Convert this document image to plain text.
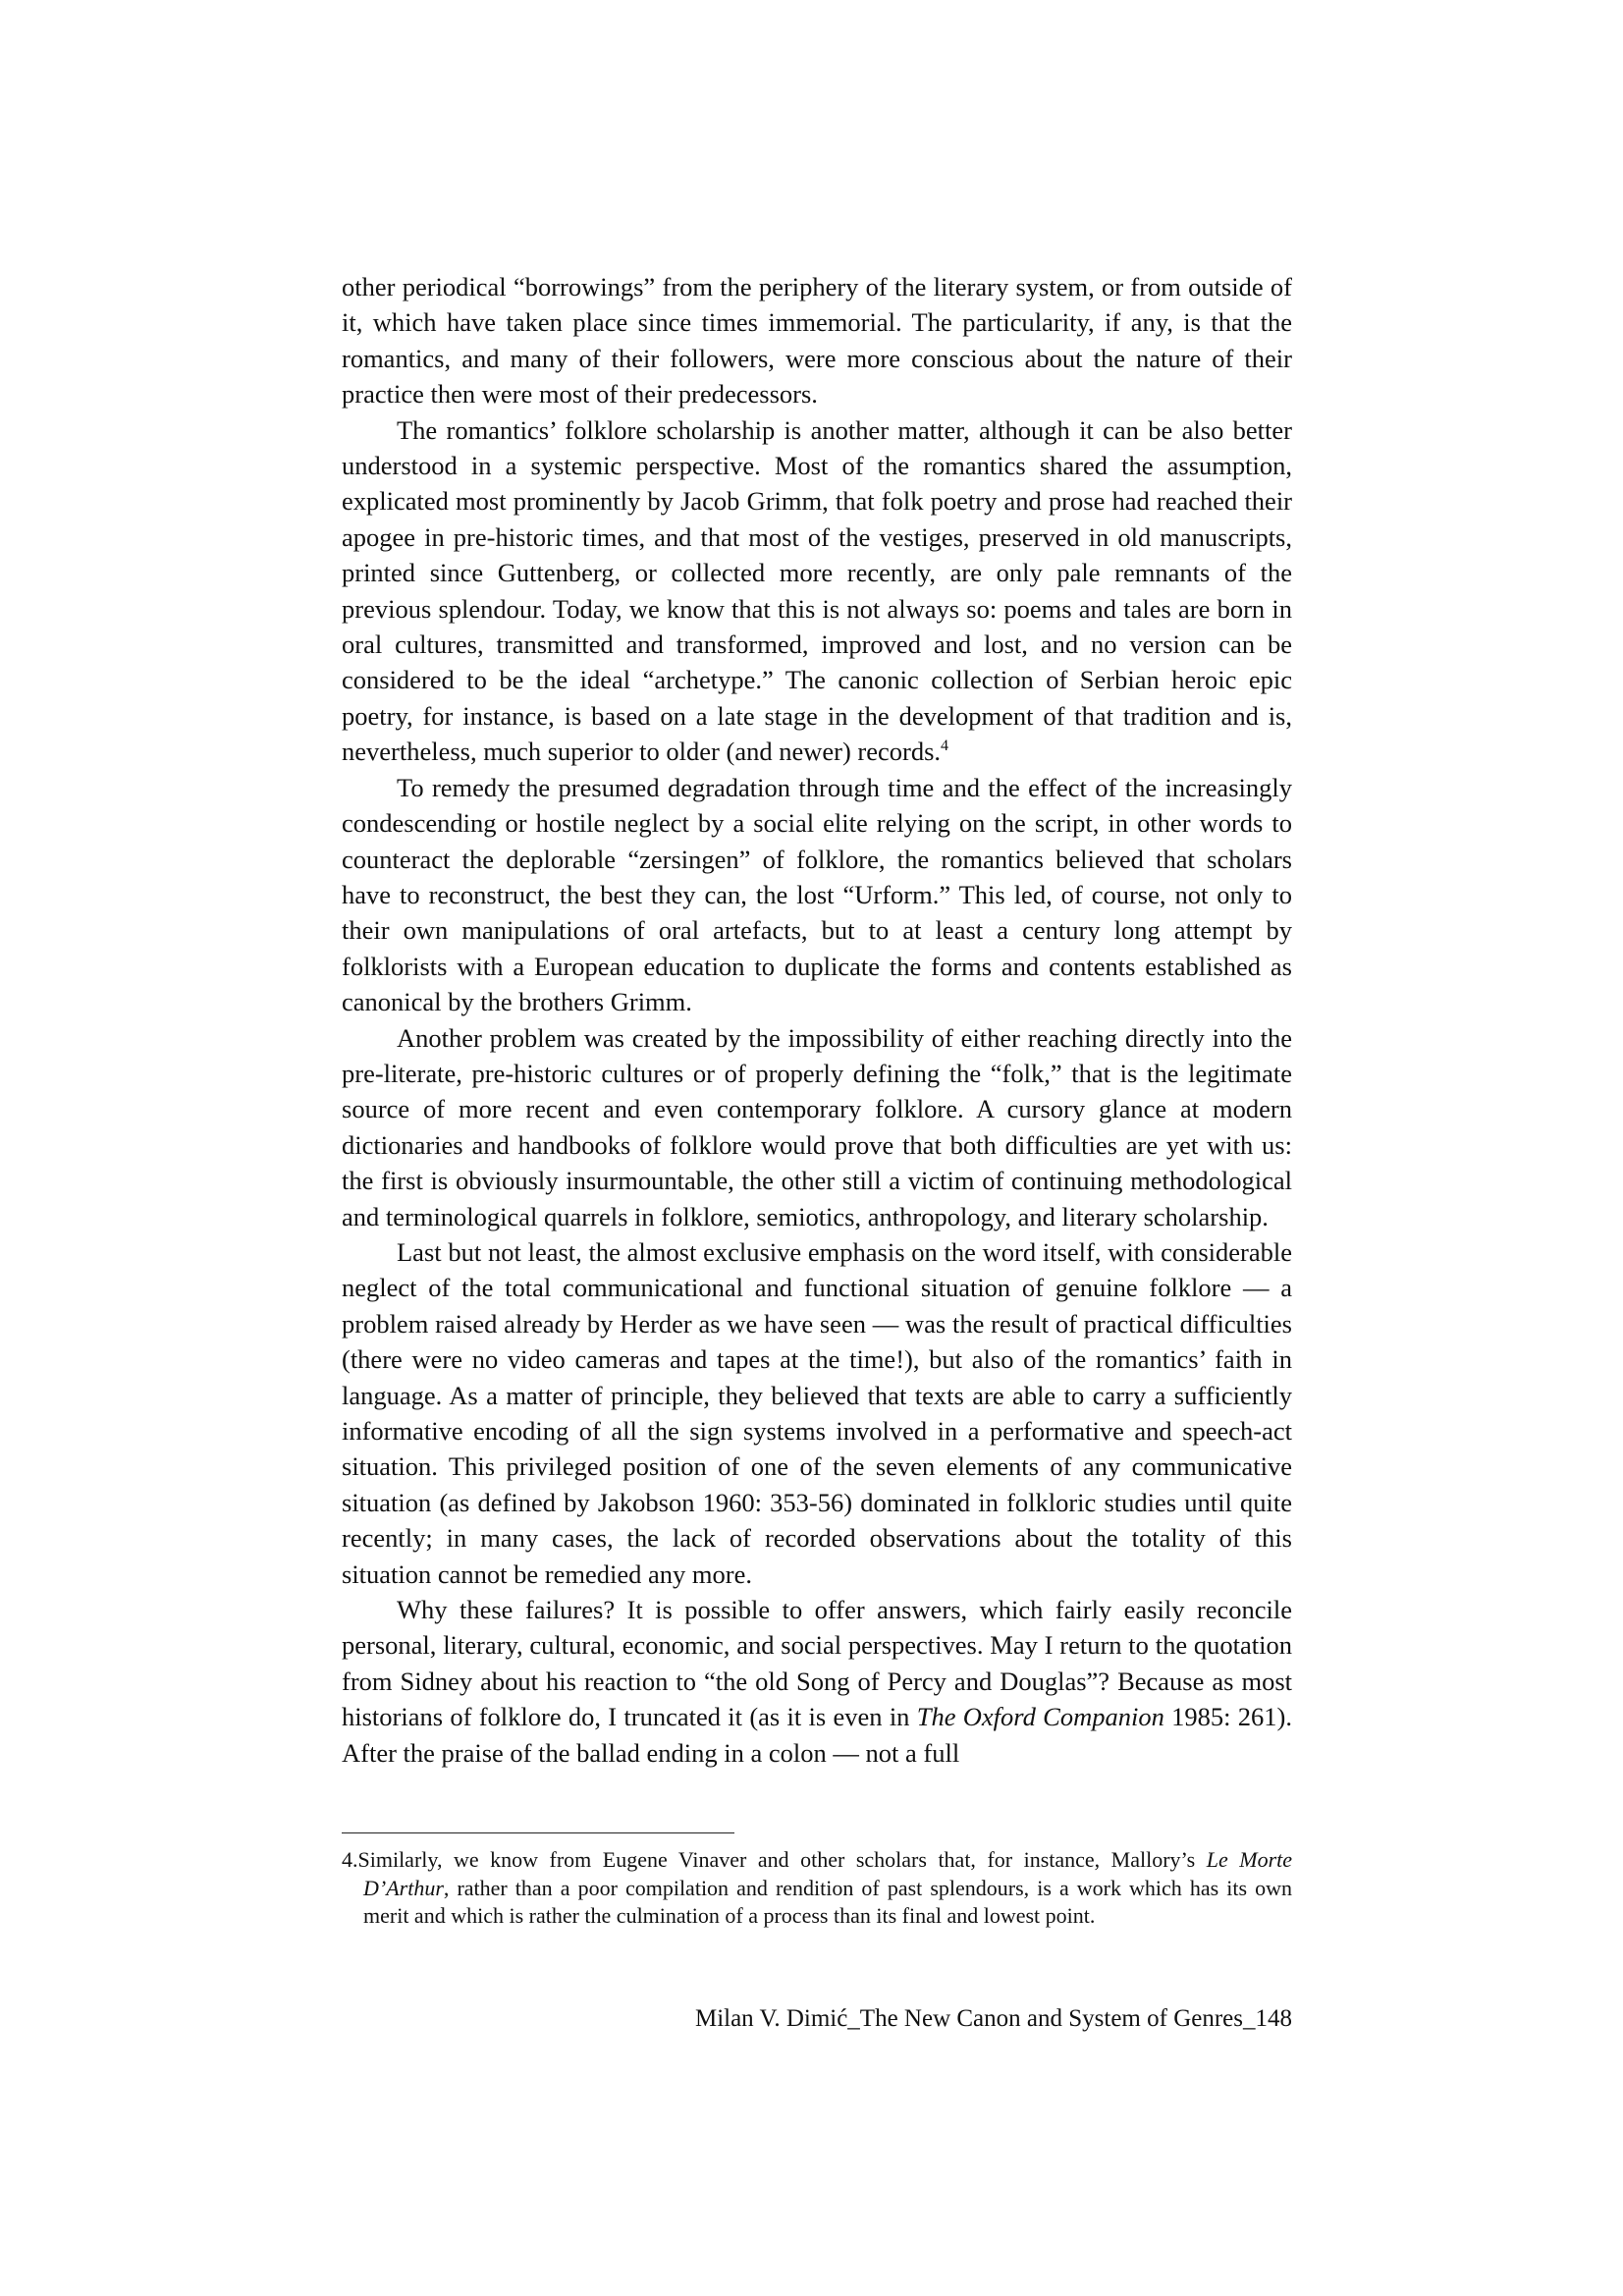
other periodical “borrowings” from the periphery of the literary system, or from outside of it, which have taken place since times immemorial. The particularity, if any, is that the romantics, and many of their followers, were more conscious about the nature of their practice then were most of their predecessors.

The romantics’ folklore scholarship is another matter, although it can be also better understood in a systemic perspective. Most of the romantics shared the assumption, explicated most prominently by Jacob Grimm, that folk poetry and prose had reached their apogee in pre-historic times, and that most of the vestiges, preserved in old manuscripts, printed since Guttenberg, or collected more recently, are only pale remnants of the previous splendour. Today, we know that this is not always so: poems and tales are born in oral cultures, transmitted and transformed, improved and lost, and no version can be considered to be the ideal “archetype.” The canonic collection of Serbian heroic epic poetry, for instance, is based on a late stage in the development of that tradition and is, nevertheless, much superior to older (and newer) records.$^4$

To remedy the presumed degradation through time and the effect of the increasingly condescending or hostile neglect by a social elite relying on the script, in other words to counteract the deplorable “zersingen” of folklore, the romantics believed that scholars have to reconstruct, the best they can, the lost “Urform.” This led, of course, not only to their own manipulations of oral artefacts, but to at least a century long attempt by folklorists with a European education to duplicate the forms and contents established as canonical by the brothers Grimm.

Another problem was created by the impossibility of either reaching directly into the pre-literate, pre-historic cultures or of properly defining the “folk,” that is the legitimate source of more recent and even contemporary folklore. A cursory glance at modern dictionaries and handbooks of folklore would prove that both difficulties are yet with us: the first is obviously insurmountable, the other still a victim of continuing methodological and terminological quarrels in folklore, semiotics, anthropology, and literary scholarship.

Last but not least, the almost exclusive emphasis on the word itself, with considerable neglect of the total communicational and functional situation of genuine folklore — a problem raised already by Herder as we have seen — was the result of practical difficulties (there were no video cameras and tapes at the time!), but also of the romantics’ faith in language. As a matter of principle, they believed that texts are able to carry a sufficiently informative encoding of all the sign systems involved in a performative and speech-act situation. This privileged position of one of the seven elements of any communicative situation (as defined by Jakobson 1960: 353-56) dominated in folkloric studies until quite recently; in many cases, the lack of recorded observations about the totality of this situation cannot be remedied any more.

Why these failures? It is possible to offer answers, which fairly easily reconcile personal, literary, cultural, economic, and social perspectives. May I return to the quotation from Sidney about his reaction to “the old Song of Percy and Douglas”? Because as most historians of folklore do, I truncated it (as it is even in The Oxford Companion 1985: 261). After the praise of the ballad ending in a colon — not a full

4.Similarly, we know from Eugene Vinaver and other scholars that, for instance, Mallory’s Le Morte D’Arthur, rather than a poor compilation and rendition of past splendours, is a work which has its own merit and which is rather the culmination of a process than its final and lowest point.
Milan V. Dimić_The New Canon and System of Genres_148
